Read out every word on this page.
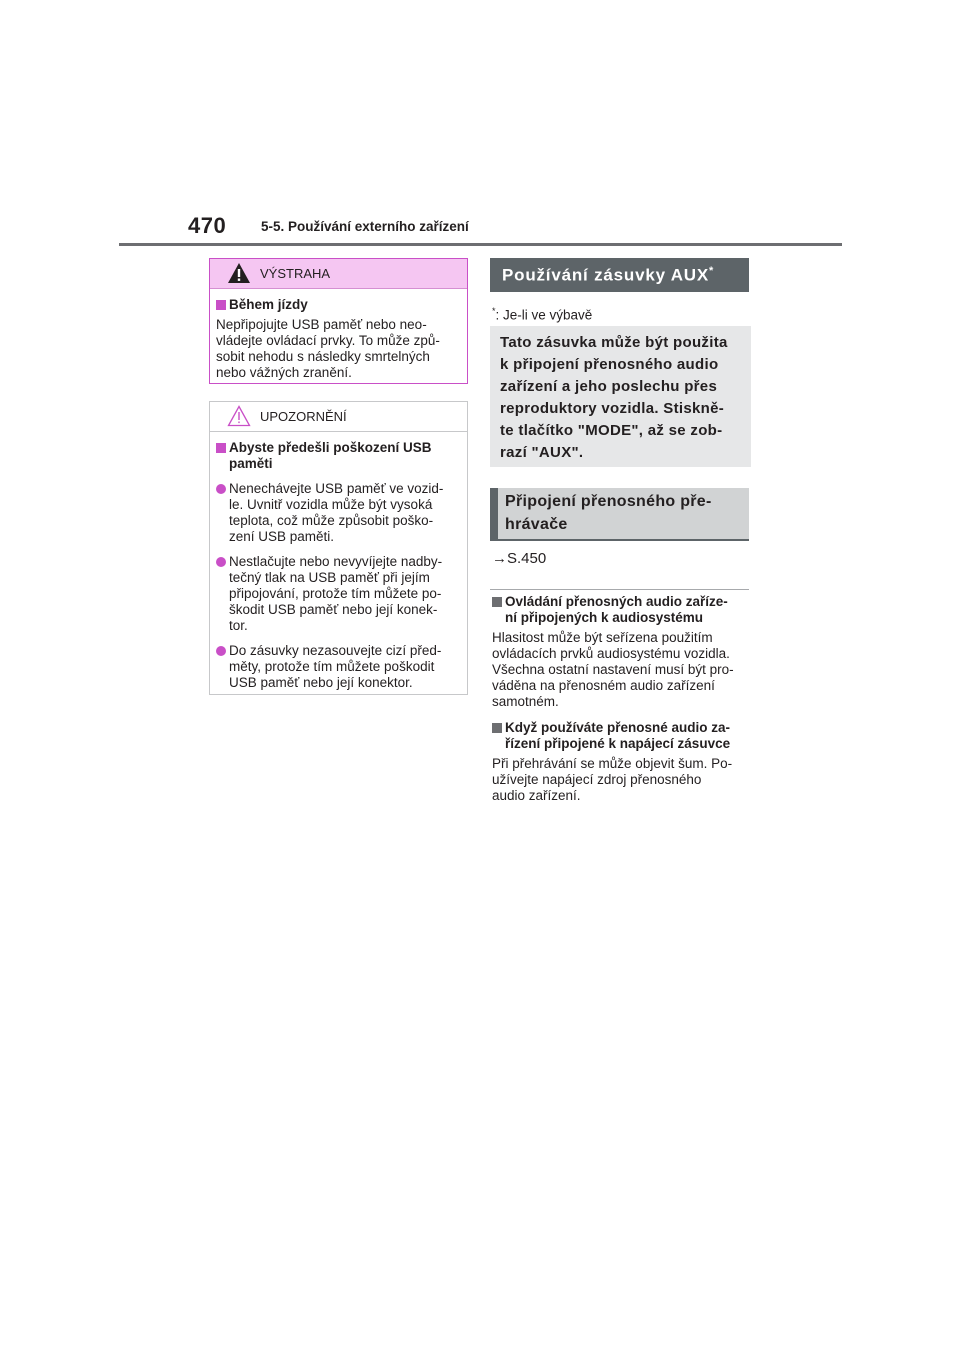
470	5-5. Používání externího zařízení
VÝSTRAHA
Během jízdy
Nepřipojujte USB paměť nebo neo-
vládejte ovládací prvky. To může způ-
sobit nehodu s následky smrtelných
nebo vážných zranění.
UPOZORNĚNÍ
Abyste předešli poškození USB
paměti
Nenechávejte USB paměť ve vozid-
le. Uvnitř vozidla může být vysoká
teplota, což může způsobit poško-
zení USB paměti.
Nestlačujte nebo nevyvíjejte nadby-
tečný tlak na USB paměť při jejím
připojování, protože tím můžete po-
škodit USB paměť nebo její konek-
tor.
Do zásuvky nezasouvejte cizí před-
měty, protože tím můžete poškodit
USB paměť nebo její konektor.
Používání zásuvky AUX*
*: Je-li ve výbavě
Tato zásuvka může být použita
k připojení přenosného audio
zařízení a jeho poslechu přes
reproduktory vozidla. Stiskně-
te tlačítko "MODE", až se zob-
razí "AUX".
Připojení přenosného pře-
hrávače
→S.450
Ovládání přenosných audio zaříze-
ní připojených k audiosystému
Hlasitost může být seřízena použitím
ovládacích prvků audiosystému vozidla.
Všechna ostatní nastavení musí být pro-
váděna na přenosném audio zařízení
samotném.
Když používáte přenosné audio za-
řízení připojené k napájecí zásuvce
Při přehrávání se může objevit šum. Po-
užívejte napájecí zdroj přenosného
audio zařízení.
